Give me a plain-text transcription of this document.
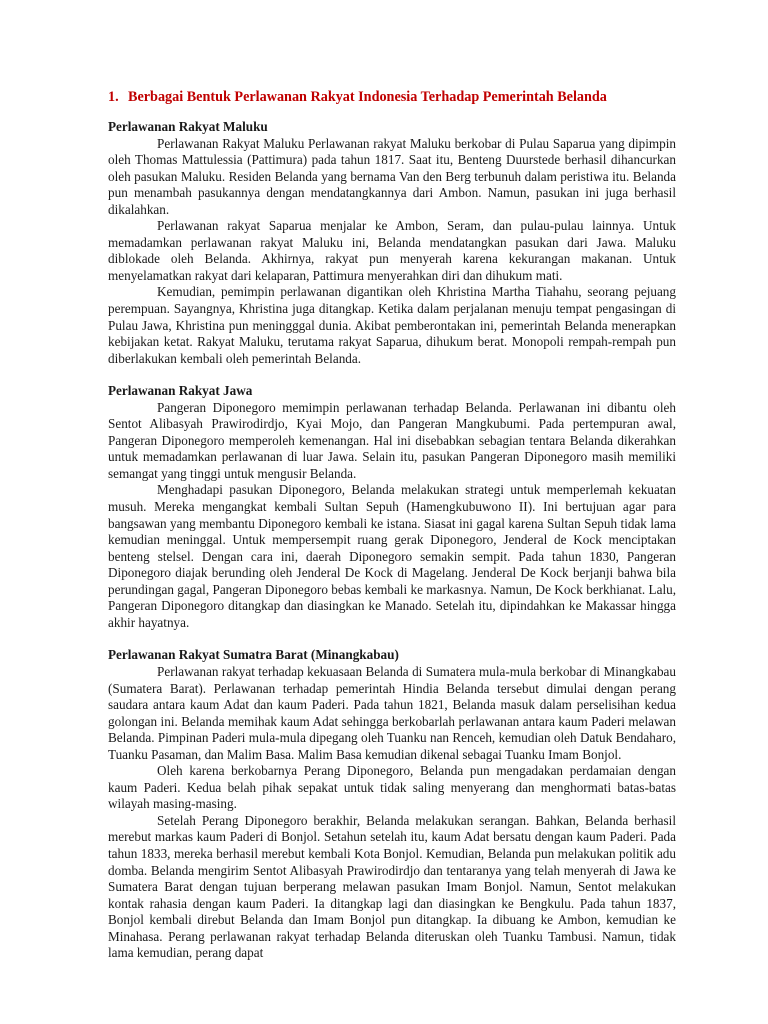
1. Berbagai Bentuk Perlawanan Rakyat Indonesia Terhadap Pemerintah Belanda
Perlawanan Rakyat Maluku

Perlawanan Rakyat Maluku Perlawanan rakyat Maluku berkobar di Pulau Saparua yang dipimpin oleh Thomas Mattulessia (Pattimura) pada tahun 1817. Saat itu, Benteng Duurstede berhasil dihancurkan oleh pasukan Maluku. Residen Belanda yang bernama Van den Berg terbunuh dalam peristiwa itu. Belanda pun menambah pasukannya dengan mendatangkannya dari Ambon. Namun, pasukan ini juga berhasil dikalahkan.

Perlawanan rakyat Saparua menjalar ke Ambon, Seram, dan pulau-pulau lainnya. Untuk memadamkan perlawanan rakyat Maluku ini, Belanda mendatangkan pasukan dari Jawa. Maluku diblokade oleh Belanda. Akhirnya, rakyat pun menyerah karena kekurangan makanan. Untuk menyelamatkan rakyat dari kelaparan, Pattimura menyerahkan diri dan dihukum mati.

Kemudian, pemimpin perlawanan digantikan oleh Khristina Martha Tiahahu, seorang pejuang perempuan. Sayangnya, Khristina juga ditangkap. Ketika dalam perjalanan menuju tempat pengasingan di Pulau Jawa, Khristina pun meningggal dunia. Akibat pemberontakan ini, pemerintah Belanda menerapkan kebijakan ketat. Rakyat Maluku, terutama rakyat Saparua, dihukum berat. Monopoli rempah-rempah pun diberlakukan kembali oleh pemerintah Belanda.

Perlawanan Rakyat Jawa

Pangeran Diponegoro memimpin perlawanan terhadap Belanda. Perlawanan ini dibantu oleh Sentot Alibasyah Prawirodirdjo, Kyai Mojo, dan Pangeran Mangkubumi. Pada pertempuran awal, Pangeran Diponegoro memperoleh kemenangan. Hal ini disebabkan sebagian tentara Belanda dikerahkan untuk memadamkan perlawanan di luar Jawa. Selain itu, pasukan Pangeran Diponegoro masih memiliki semangat yang tinggi untuk mengusir Belanda.

Menghadapi pasukan Diponegoro, Belanda melakukan strategi untuk memperlemah kekuatan musuh. Mereka mengangkat kembali Sultan Sepuh (Hamengkubuwono II). Ini bertujuan agar para bangsawan yang membantu Diponegoro kembali ke istana. Siasat ini gagal karena Sultan Sepuh tidak lama kemudian meninggal. Untuk mempersempit ruang gerak Diponegoro, Jenderal de Kock menciptakan benteng stelsel. Dengan cara ini, daerah Diponegoro semakin sempit. Pada tahun 1830, Pangeran Diponegoro diajak berunding oleh Jenderal De Kock di Magelang. Jenderal De Kock berjanji bahwa bila perundingan gagal, Pangeran Diponegoro bebas kembali ke markasnya. Namun, De Kock berkhianat. Lalu, Pangeran Diponegoro ditangkap dan diasingkan ke Manado. Setelah itu, dipindahkan ke Makassar hingga akhir hayatnya.

Perlawanan Rakyat Sumatra Barat (Minangkabau)

Perlawanan rakyat terhadap kekuasaan Belanda di Sumatera mula-mula berkobar di Minangkabau (Sumatera Barat). Perlawanan terhadap pemerintah Hindia Belanda tersebut dimulai dengan perang saudara antara kaum Adat dan kaum Paderi. Pada tahun 1821, Belanda masuk dalam perselisihan kedua golongan ini. Belanda memihak kaum Adat sehingga berkobarlah perlawanan antara kaum Paderi melawan Belanda. Pimpinan Paderi mula-mula dipegang oleh Tuanku nan Renceh, kemudian oleh Datuk Bendaharo, Tuanku Pasaman, dan Malim Basa. Malim Basa kemudian dikenal sebagai Tuanku Imam Bonjol.

Oleh karena berkobarnya Perang Diponegoro, Belanda pun mengadakan perdamaian dengan kaum Paderi. Kedua belah pihak sepakat untuk tidak saling menyerang dan menghormati batas-batas wilayah masing-masing.

Setelah Perang Diponegoro berakhir, Belanda melakukan serangan. Bahkan, Belanda berhasil merebut markas kaum Paderi di Bonjol. Setahun setelah itu, kaum Adat bersatu dengan kaum Paderi. Pada tahun 1833, mereka berhasil merebut kembali Kota Bonjol. Kemudian, Belanda pun melakukan politik adu domba. Belanda mengirim Sentot Alibasyah Prawirodirdjo dan tentaranya yang telah menyerah di Jawa ke Sumatera Barat dengan tujuan berperang melawan pasukan Imam Bonjol. Namun, Sentot melakukan kontak rahasia dengan kaum Paderi. Ia ditangkap lagi dan diasingkan ke Bengkulu. Pada tahun 1837, Bonjol kembali direbut Belanda dan Imam Bonjol pun ditangkap. Ia dibuang ke Ambon, kemudian ke Minahasa. Perang perlawanan rakyat terhadap Belanda diteruskan oleh Tuanku Tambusi. Namun, tidak lama kemudian, perang dapat
